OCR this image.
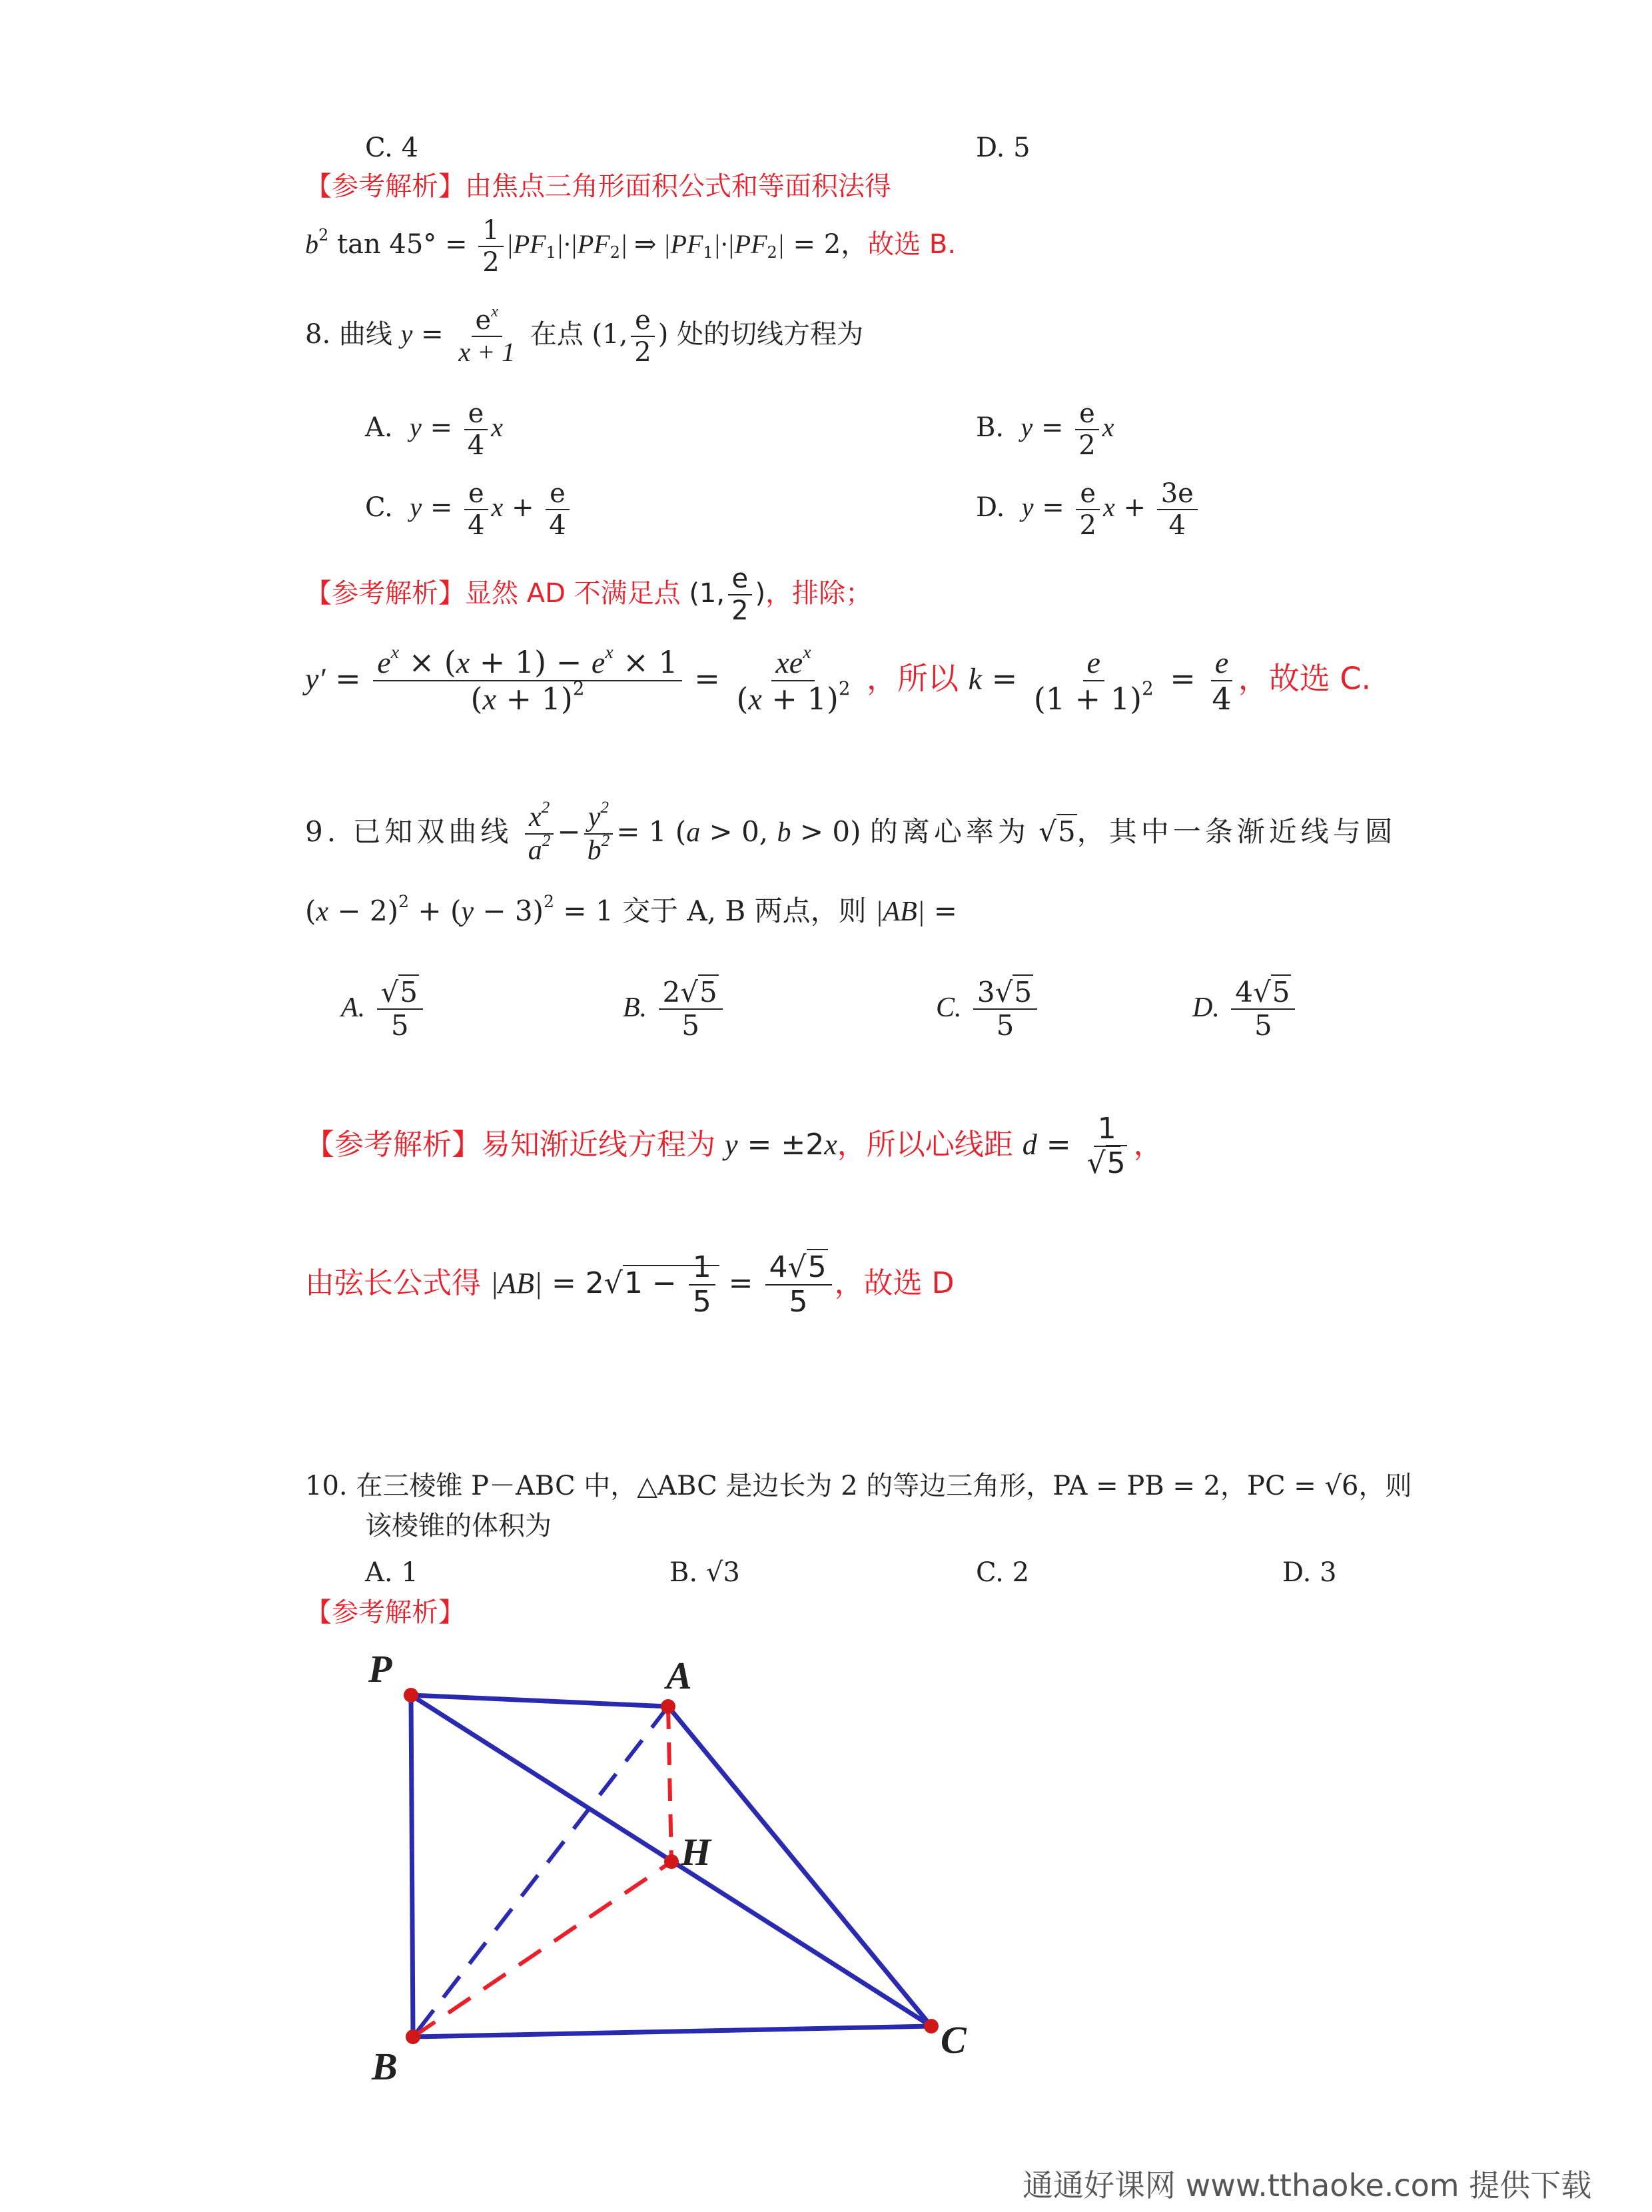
C. 4	D. 5
【参考解析】由焦点三角形面积公式和等面积法得
$b^2$ $\tan 45^\circ = \frac{1}{2} |PF_1|\cdot|PF_2|$ ⇒ $|PF_1|\cdot|PF_2| = 2$，故选 B.
8. 曲线 $y = \frac{e^x}{x + 1}$ 在点 (1, $\frac{e}{2}$ ) 处的切线方程为
A. $y = \frac{e}{4}$ x	B. $y = \frac{e}{2}$ x
C. $y = \frac{e}{4}$ $x + \frac{e}{4}$	D. $y = \frac{e}{2}$ $x + \frac{3e}{4}$
【参考解析】显然 AD 不满足点 (1, $\frac{e}{2}$ )，排除；
$y' = \frac{e^x \times (x + 1) - e^x \times 1}{(x + 1)^2} = \frac{xe^x}{(x + 1)^2}$ ，所以 $k = \frac{e}{(1 + 1)^2} = \frac{e}{4}$ ，故选 C.
9. 已知双曲线 $\frac{x^2}{a^2} - \frac{y^2}{b^2} = 1$ (a > 0, b > 0) 的离心率为 √5，其中一条渐近线与圆
$(x - 2)^2 + (y - 3)^2 = 1$ 交于 A, B 两点，则 |AB| =
A. $\frac{√5}{5}$	B. $\frac{2√5}{5}$	C. $\frac{3√5}{5}$	D. $\frac{4√5}{5}$
【参考解析】易知渐近线方程为 y = ±2x，所以心线距 $d = \frac{1}{√5}$ ，
由弦长公式得 $|AB| = 2√1 - \frac{1}{5} = \frac{4√5}{5}$ ，故选 D
10. 在三棱锥 P－ABC 中，△ABC 是边长为 2 的等边三角形，PA = PB = 2，PC = √6，则
该棱锥的体积为
A. 1	B. √3	C. 2	D. 3
【参考解析】
P	A
H
B
C
通通好课网 www.tthaoke.com 提供下载
